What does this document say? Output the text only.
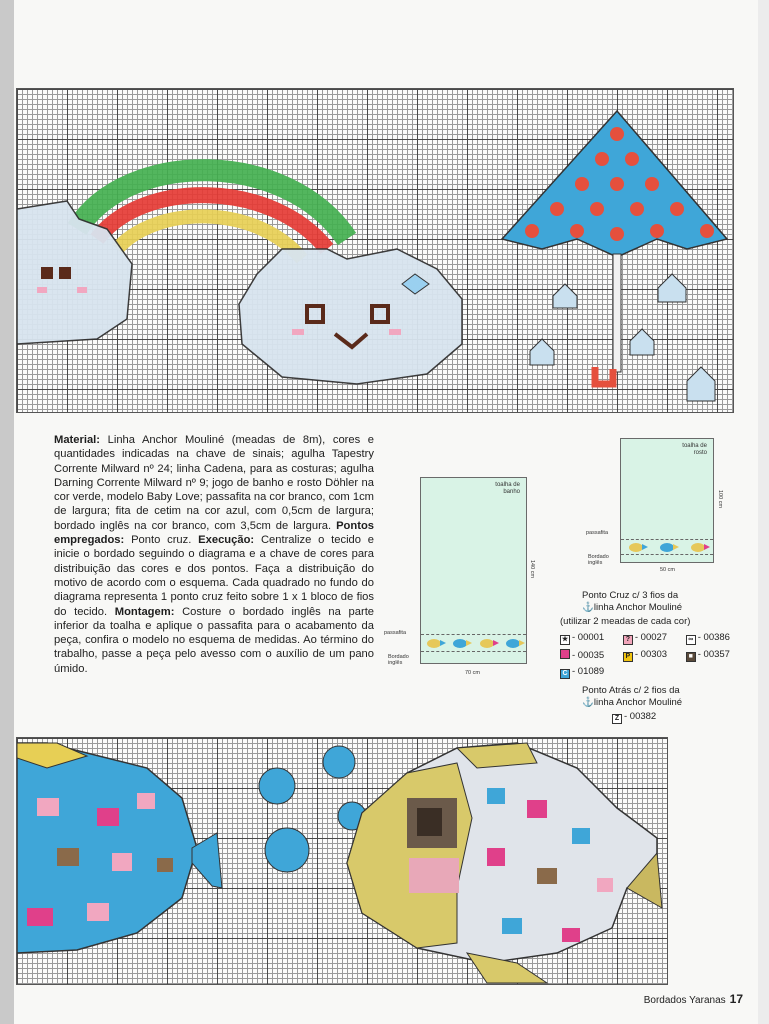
Material: Linha Anchor Mouliné (meadas de 8m), cores e quantidades indicadas na chave de sinais; agulha Tapestry Corrente Milward nº 24; linha Cadena, para as costuras; agulha Darning Corrente Milward nº 9; jogo de banho e rosto Döhler na cor verde, modelo Baby Love; passafita na cor branco, com 1cm de largura; fita de cetim na cor azul, com 0,5cm de largura; bordado inglês na cor branco, com 3,5cm de largura. Pontos empregados: Ponto cruz. Execução: Centralize o tecido e inicie o bordado seguindo o diagrama e a chave de cores para distribuição das cores e dos pontos. Faça a distribuição do motivo de acordo com o esquema. Cada quadrado no fundo do diagrama representa 1 ponto cruz feito sobre 1 x 1 bloco de fios do tecido. Montagem: Costure o bordado inglês na parte inferior da toalha e aplique o passafita para o acabamento da peça, confira o modelo no esquema de medidas. Ao término do trabalho, passe a peça pelo avesso com o auxílio de um pano úmido.
toalha de banho
passafita
Bordado inglês
70 cm
140 cm
toalha de rosto
passafita
Bordado inglês
50 cm
100 cm
Ponto Cruz c/ 3 fios da
⚓linha Anchor Mouliné
(utilizar 2 meadas de cada cor)
★ - 00001	? - 00027	∞ - 00386
- 00035	P - 00303	■ - 00357
C - 01089
Ponto Atrás c/ 2 fios da
⚓linha Anchor Mouliné
Z - 00382
Bordados Yaranas 17
